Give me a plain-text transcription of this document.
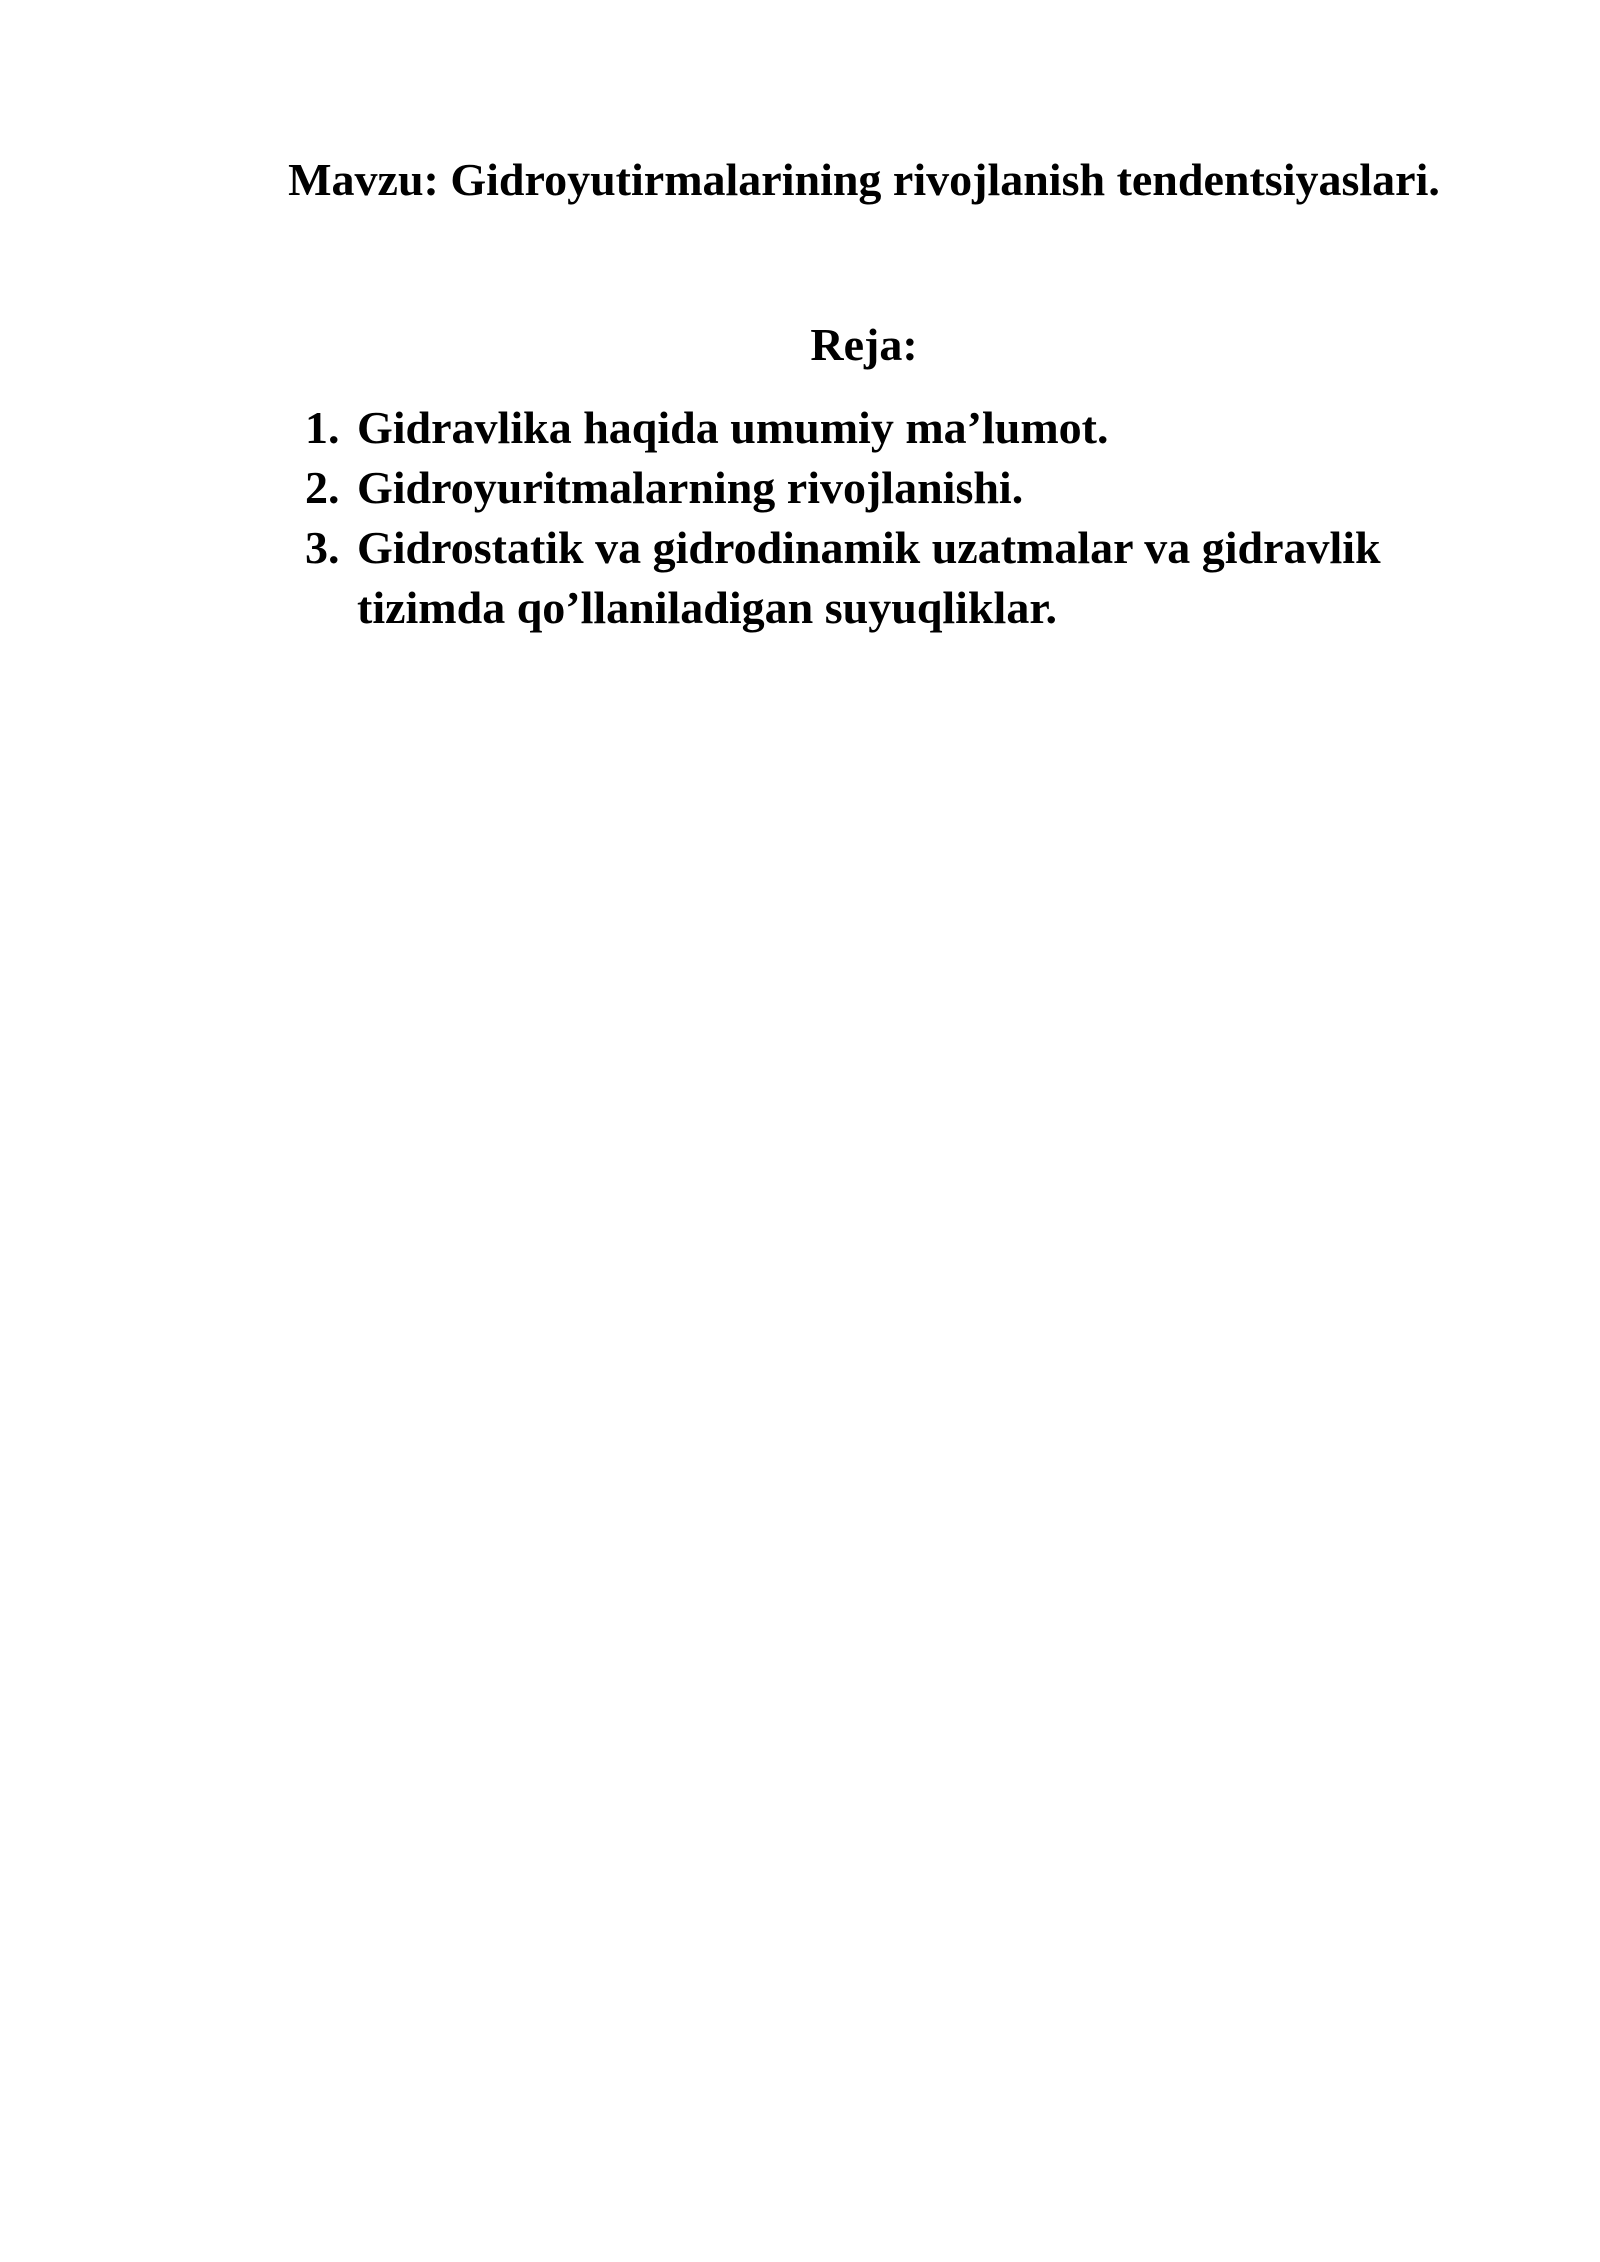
Mavzu: Gidroyutirmalarining rivojlanish tendentsiyaslari.
Reja:
1. Gidravlika haqida umumiy ma’lumot.
2. Gidroyuritmalarning rivojlanishi.
3. Gidrostatik va gidrodinamik uzatmalar va gidravlik tizimda qo’llaniladigan suyuqliklar.
